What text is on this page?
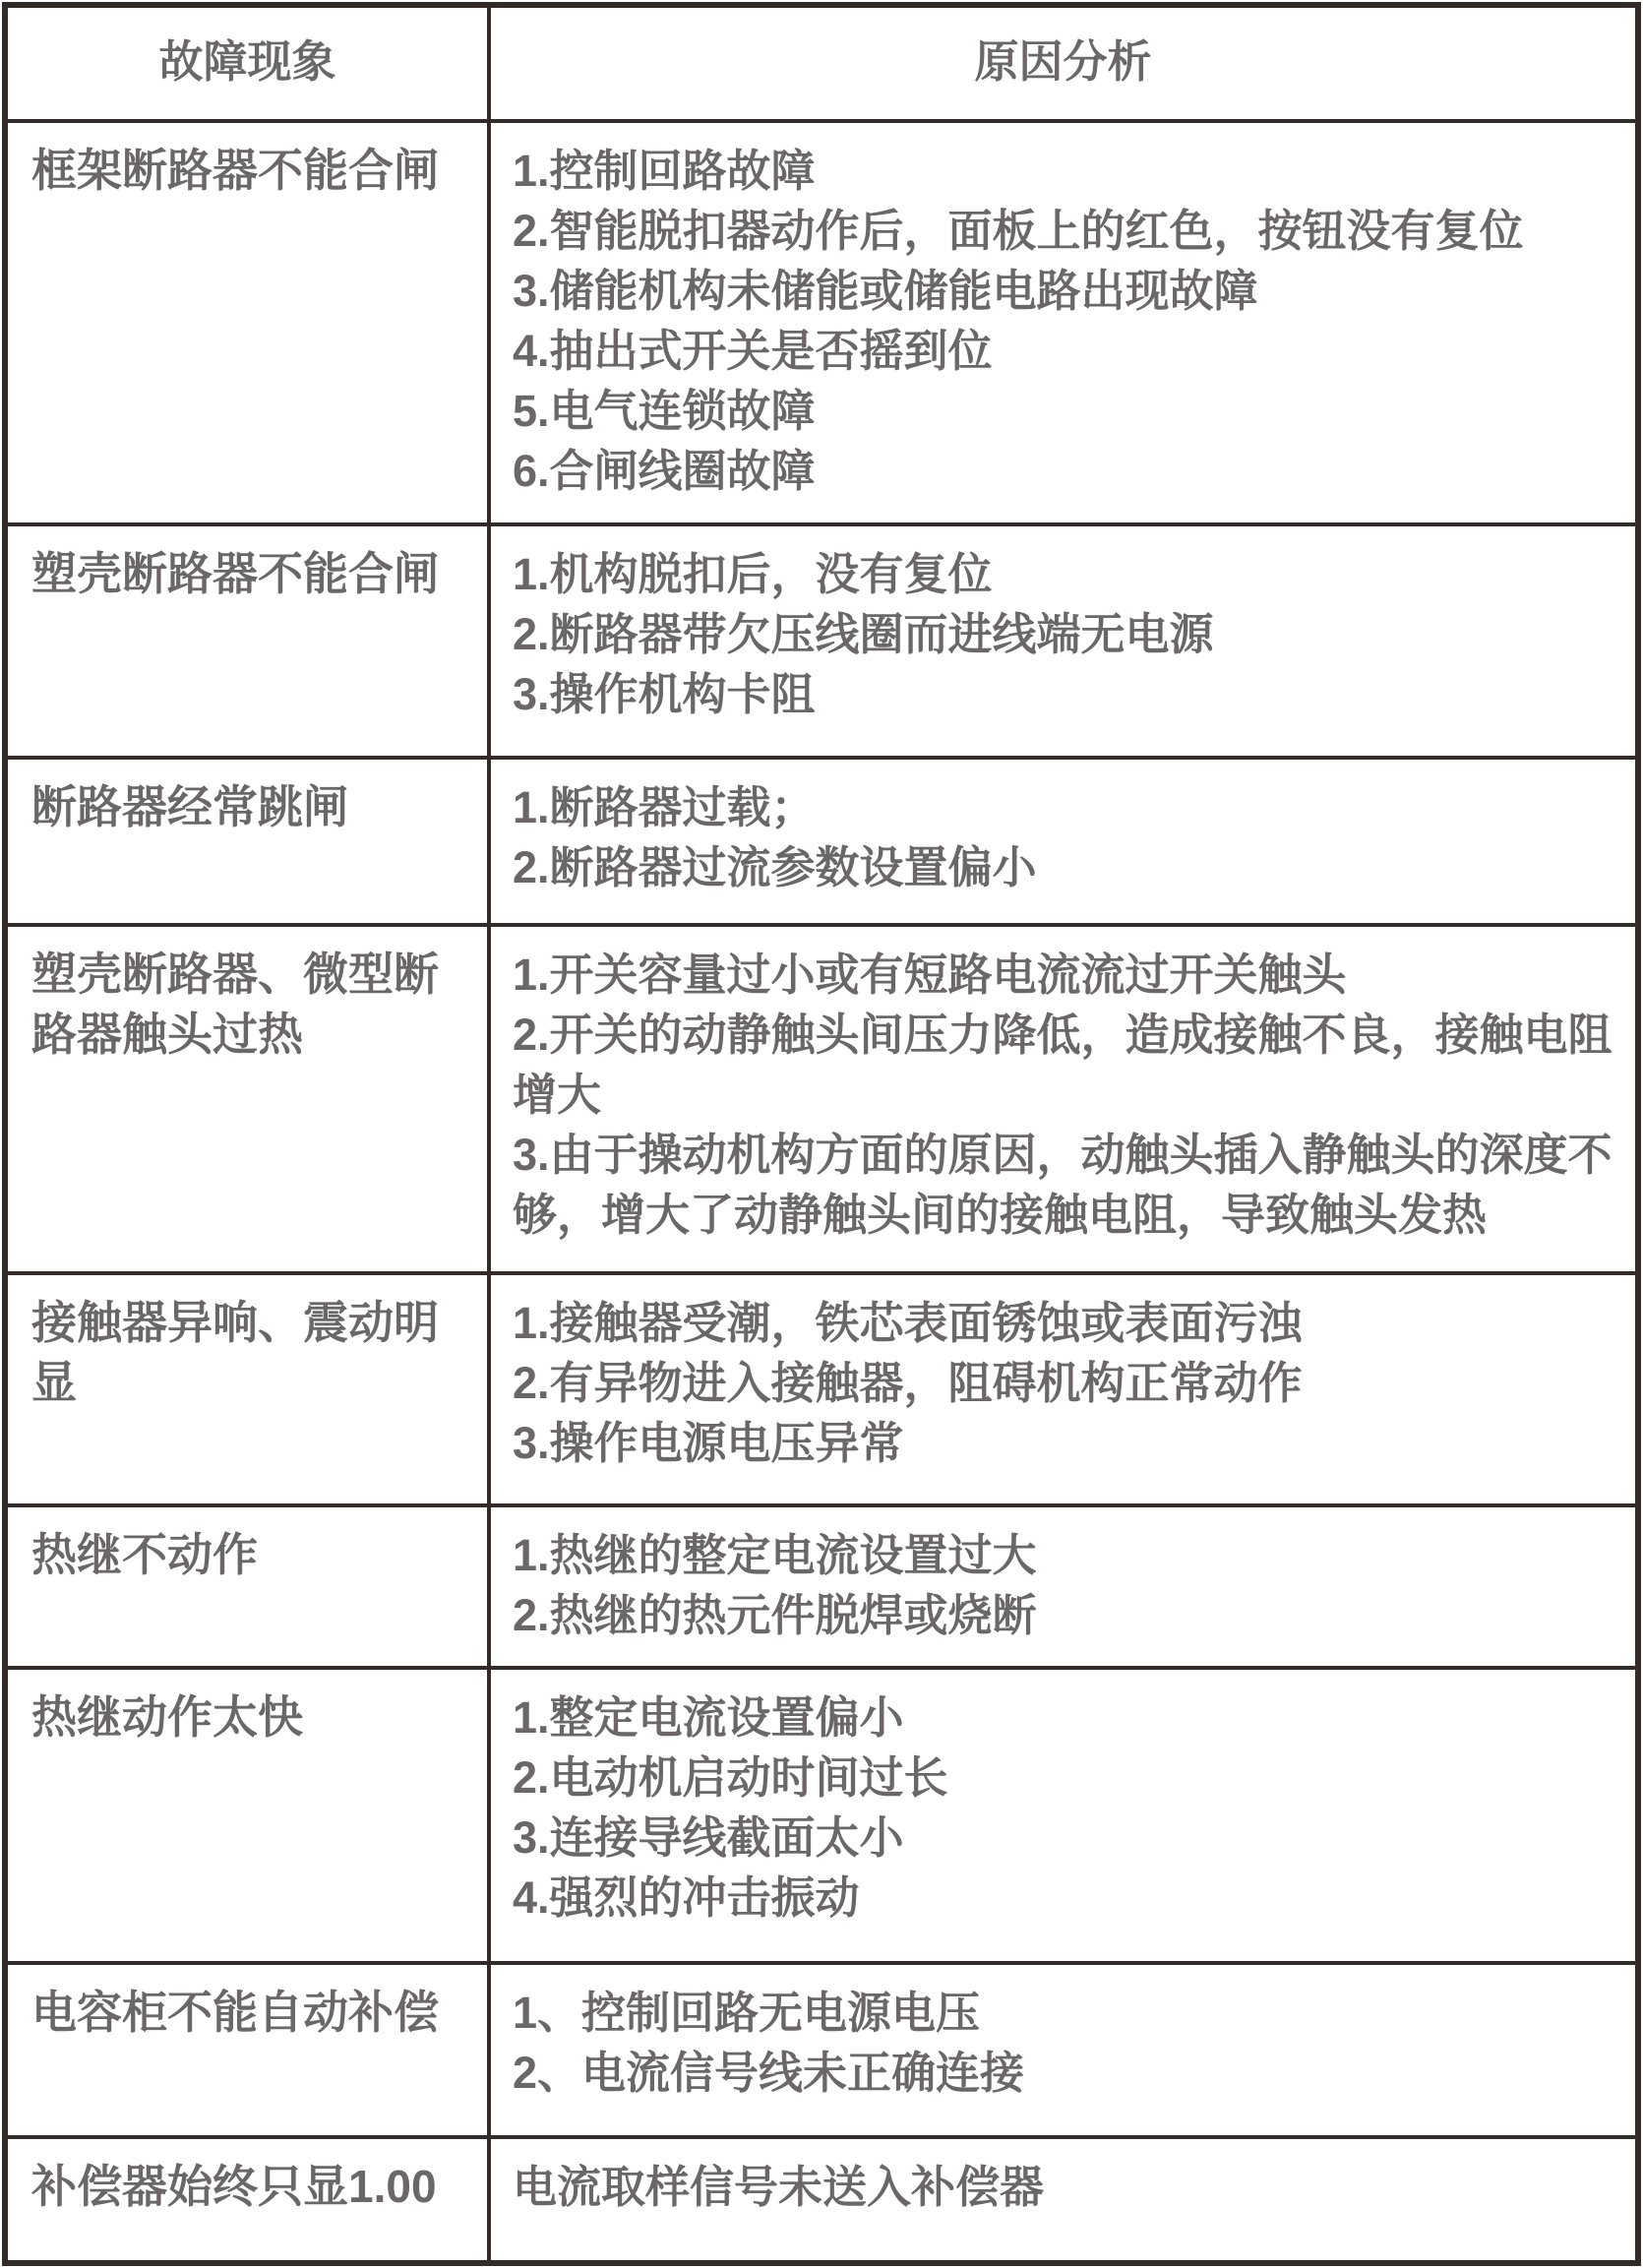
故障现象	原因分析
框架断路器不能合闸	1.控制回路故障
2.智能脱扣器动作后，面板上的红色，按钮没有复位
3.储能机构未储能或储能电路出现故障
4.抽出式开关是否摇到位
5.电气连锁故障
6.合闸线圈故障

塑壳断路器不能合闸	1.机构脱扣后，没有复位
2.断路器带欠压线圈而进线端无电源
3.操作机构卡阻

断路器经常跳闸	1.断路器过载；
2.断路器过流参数设置偏小

塑壳断路器、微型断路器触头过热	1.开关容量过小或有短路电流流过开关触头
2.开关的动静触头间压力降低，造成接触不良，接触电阻增大
3.由于操动机构方面的原因，动触头插入静触头的深度不够，增大了动静触头间的接触电阻，导致触头发热

接触器异响、震动明显	1.接触器受潮，铁芯表面锈蚀或表面污浊
2.有异物进入接触器，阻碍机构正常动作
3.操作电源电压异常

热继不动作	1.热继的整定电流设置过大
2.热继的热元件脱焊或烧断

热继动作太快	1.整定电流设置偏小
2.电动机启动时间过长
3.连接导线截面太小
4.强烈的冲击振动

电容柜不能自动补偿	1、控制回路无电源电压
2、电流信号线未正确连接

补偿器始终只显1.00	电流取样信号未送入补偿器
